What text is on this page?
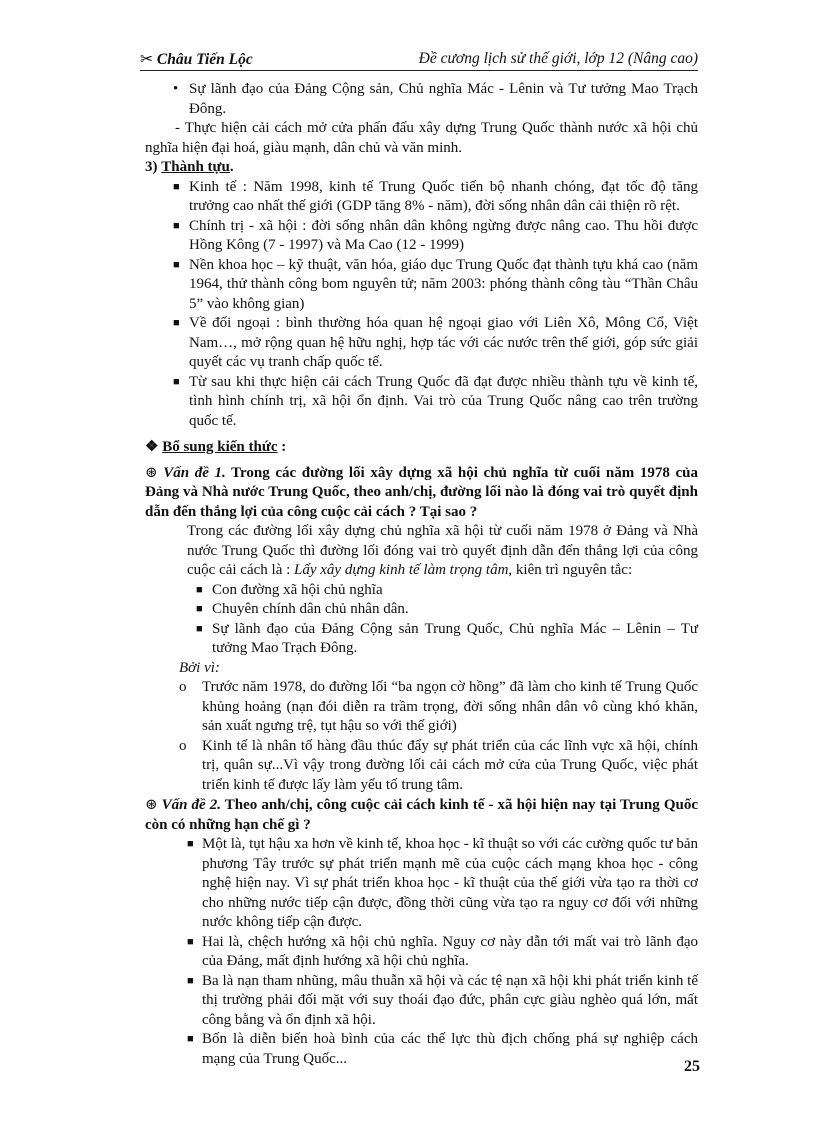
✂ Châu Tiến Lộc	Đề cương lịch sử thế giới, lớp 12 (Nâng cao)
• Sự lãnh đạo của Đảng Cộng sản, Chủ nghĩa Mác - Lênin và Tư tưởng Mao Trạch Đông.
- Thực hiện cải cách mở cửa phấn đấu xây dựng Trung Quốc thành nước xã hội chủ nghĩa hiện đại hoá, giàu mạnh, dân chủ và văn minh.
3) Thành tựu.
■ Kinh tế : Năm 1998, kinh tế Trung Quốc tiến bộ nhanh chóng, đạt tốc độ tăng trưởng cao nhất thế giới (GDP tăng 8% - năm), đời sống nhân dân cải thiện rõ rệt.
■ Chính trị - xã hội : đời sống nhân dân không ngừng được nâng cao. Thu hồi được Hồng Kông (7 - 1997) và Ma Cao (12 - 1999)
■ Nền khoa học – kỹ thuật, văn hóa, giáo dục Trung Quốc đạt thành tựu khá cao (năm 1964, thử thành công bom nguyên tử; năm 2003: phóng thành công tàu “Thần Châu 5” vào không gian)
■ Về đối ngoại : bình thường hóa quan hệ ngoại giao với Liên Xô, Mông Cổ, Việt Nam…, mở rộng quan hệ hữu nghị, hợp tác với các nước trên thế giới, góp sức giải quyết các vụ tranh chấp quốc tế.
■ Từ sau khi thực hiện cải cách Trung Quốc đã đạt được nhiều thành tựu về kinh tế, tình hình chính trị, xã hội ổn định. Vai trò của Trung Quốc nâng cao trên trường quốc tế.
❖ Bổ sung kiến thức :
⊛ Vấn đề 1. Trong các đường lối xây dựng xã hội chủ nghĩa từ cuối năm 1978 của Đảng và Nhà nước Trung Quốc, theo anh/chị, đường lối nào là đóng vai trò quyết định dẫn đến thắng lợi của công cuộc cải cách ? Tại sao ?
Trong các đường lối xây dựng chủ nghĩa xã hội từ cuối năm 1978 ở Đảng và Nhà nước Trung Quốc thì đường lối đóng vai trò quyết định dẫn đến thắng lợi của công cuộc cải cách là : Lấy xây dựng kinh tế làm trọng tâm, kiên trì nguyên tắc:
■ Con đường xã hội chủ nghĩa
■ Chuyên chính dân chủ nhân dân.
■ Sự lãnh đạo của Đảng Cộng sản Trung Quốc, Chủ nghĩa Mác – Lênin – Tư tưởng Mao Trạch Đông.
Bởi vì:
o Trước năm 1978, do đường lối “ba ngọn cờ hồng” đã làm cho kinh tế Trung Quốc khủng hoảng (nạn đói diễn ra trầm trọng, đời sống nhân dân vô cùng khó khăn, sản xuất ngưng trệ, tụt hậu so với thế giới)
o Kinh tế là nhân tố hàng đầu thúc đẩy sự phát triển của các lĩnh vực xã hội, chính trị, quân sự...Vì vậy trong đường lối cải cách mở cửa của Trung Quốc, việc phát triển kinh tế được lấy làm yếu tố trung tâm.
⊛ Vấn đề 2. Theo anh/chị, công cuộc cải cách kinh tế - xã hội hiện nay tại Trung Quốc còn có những hạn chế gì ?
■ Một là, tụt hậu xa hơn về kinh tế, khoa học - kĩ thuật so với các cường quốc tư bản phương Tây trước sự phát triển mạnh mẽ của cuộc cách mạng khoa học - công nghệ hiện nay. Vì sự phát triển khoa học - kĩ thuật của thế giới vừa tạo ra thời cơ cho những nước tiếp cận được, đồng thời cũng vừa tạo ra nguy cơ đối với những nước không tiếp cận được.
■ Hai là, chệch hướng xã hội chủ nghĩa. Nguy cơ này dẫn tới mất vai trò lãnh đạo của Đảng, mất định hướng xã hội chủ nghĩa.
■ Ba là nạn tham nhũng, mâu thuẫn xã hội và các tệ nạn xã hội khi phát triển kinh tế thị trường phải đối mặt với suy thoái đạo đức, phân cực giàu nghèo quá lớn, mất công bằng và ổn định xã hội.
■ Bốn là diễn biến hoà bình của các thế lực thù địch chống phá sự nghiệp cách mạng của Trung Quốc...	25
